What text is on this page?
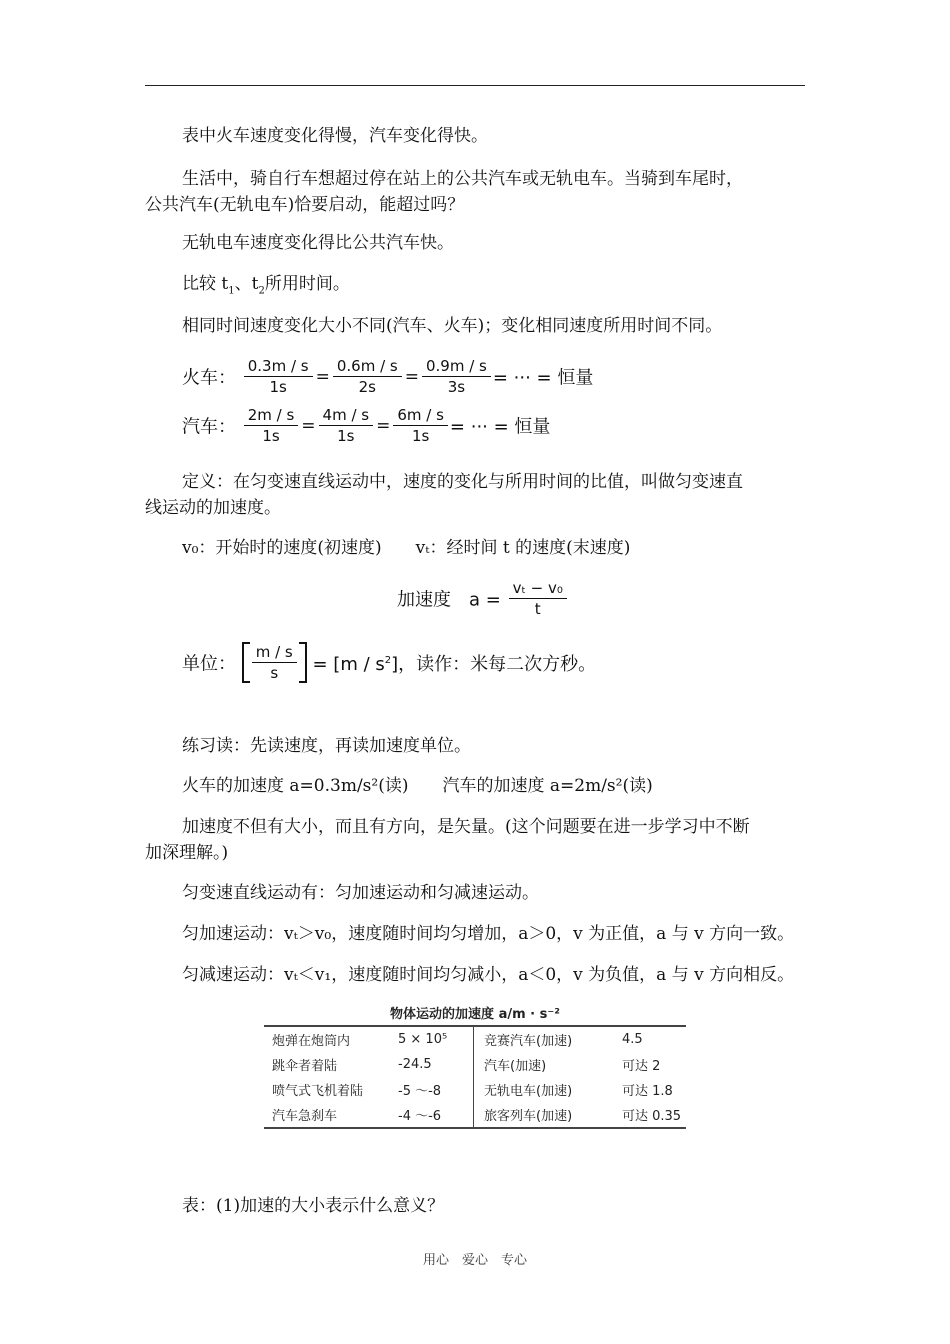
表中火车速度变化得慢，汽车变化得快。
生活中，骑自行车想超过停在站上的公共汽车或无轨电车。当骑到车尾时，
公共汽车(无轨电车)恰要启动，能超过吗？
无轨电车速度变化得比公共汽车快。
比较 $t_1$、$t_2$所用时间。
相同时间速度变化大小不同(汽车、火车)；变化相同速度所用时间不同。
火车： $\frac{0.3m / s}{1s} = \frac{0.6m / s}{2s} = \frac{0.9m / s}{3s}$ = ··· = 恒量
汽车： $\frac{2m / s}{1s} = \frac{4m / s}{1s} = \frac{6m / s}{1s}$ = ··· = 恒量
定义：在匀变速直线运动中，速度的变化与所用时间的比值，叫做匀变速直
线运动的加速度。
v₀：开始时的速度(初速度)　　vₜ：经时间 t 的速度(末速度)
加速度　$a = \frac{\text{vₜ − v₀}}{t}$
单位： $\frac{m / s}{s} = [m / s^2]$，读作：米每二次方秒。
练习读：先读速度，再读加速度单位。
火车的加速度 a=0.3m/s²(读)　　汽车的加速度 a=2m/s²(读)
加速度不但有大小，而且有方向，是矢量。(这个问题要在进一步学习中不断
加深理解。)
匀变速直线运动有：匀加速运动和匀减速运动。
匀加速运动：vₜ＞v₀，速度随时间均匀增加，a＞0，v 为正值，a 与 v 方向一致。
匀减速运动：vₜ＜v₁，速度随时间均匀减小，a＜0，v 为负值，a 与 v 方向相反。
物体运动的加速度 a/m · s⁻²
炮弹在炮筒内	5 × 10⁵	竞赛汽车(加速)	4.5
跳伞者着陆	-24.5	汽车(加速)	可达 2
喷气式飞机着陆	-5 ～-8	无轨电车(加速)	可达 1.8
汽车急刹车	-4 ～-6	旅客列车(加速)	可达 0.35
表：(1)加速的大小表示什么意义？
用心　爱心　专心
